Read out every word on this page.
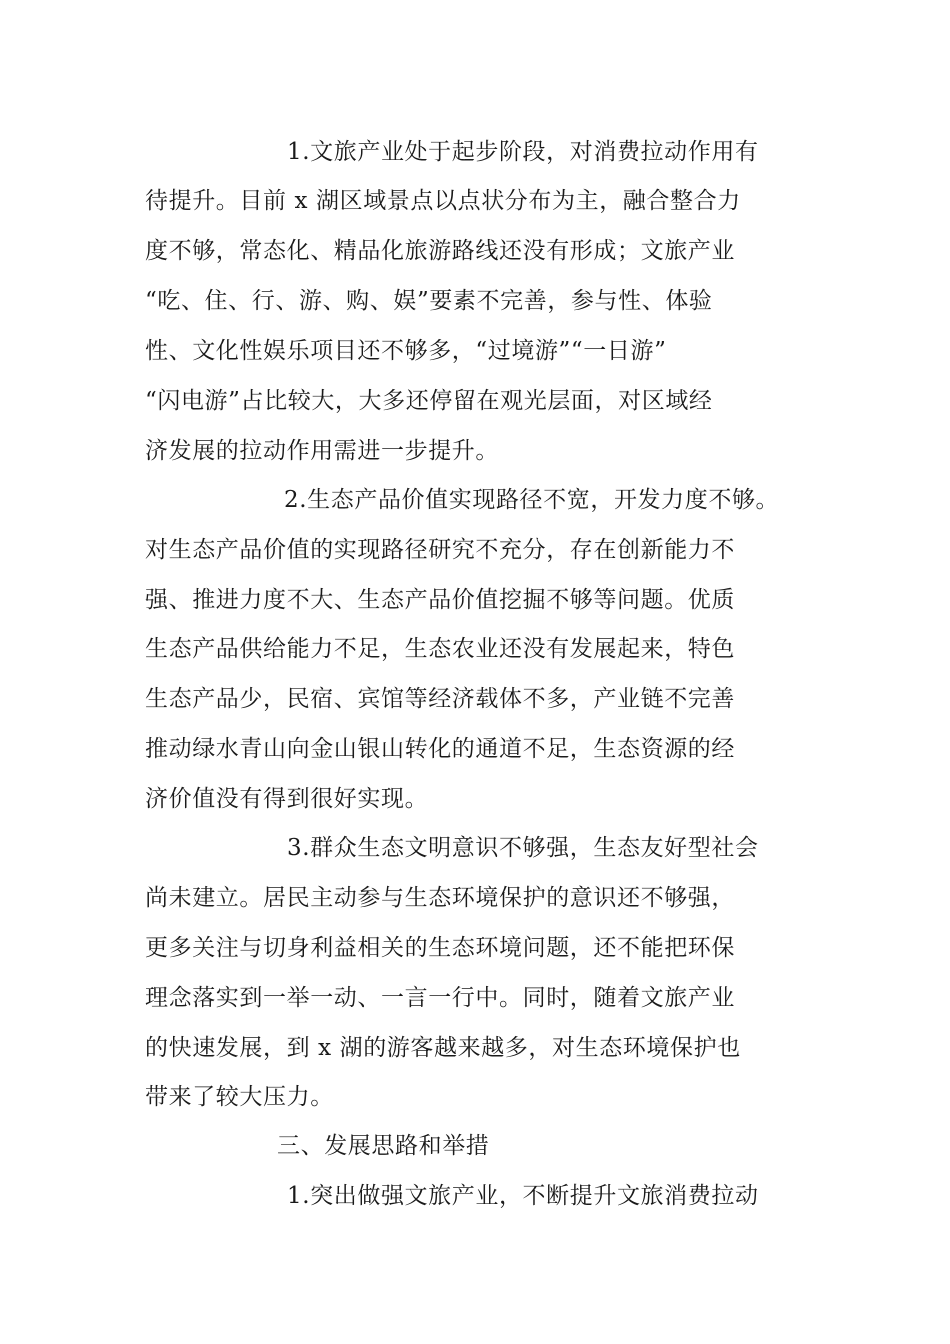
1.文旅产业处于起步阶段，对消费拉动作用有
待提升。目前 x 湖区域景点以点状分布为主，融合整合力
度不够，常态化、精品化旅游路线还没有形成；文旅产业
“吃、住、行、游、购、娱”要素不完善，参与性、体验
性、文化性娱乐项目还不够多，“过境游”“一日游”
“闪电游”占比较大，大多还停留在观光层面，对区域经
济发展的拉动作用需进一步提升。
2.生态产品价值实现路径不宽，开发力度不够。
对生态产品价值的实现路径研究不充分，存在创新能力不
强、推进力度不大、生态产品价值挖掘不够等问题。优质
生态产品供给能力不足，生态农业还没有发展起来，特色
生态产品少，民宿、宾馆等经济载体不多，产业链不完善
推动绿水青山向金山银山转化的通道不足，生态资源的经
济价值没有得到很好实现。
3.群众生态文明意识不够强，生态友好型社会
尚未建立。居民主动参与生态环境保护的意识还不够强，
更多关注与切身利益相关的生态环境问题，还不能把环保
理念落实到一举一动、一言一行中。同时，随着文旅产业
的快速发展，到 x 湖的游客越来越多，对生态环境保护也
带来了较大压力。
三、发展思路和举措
1.突出做强文旅产业，不断提升文旅消费拉动
